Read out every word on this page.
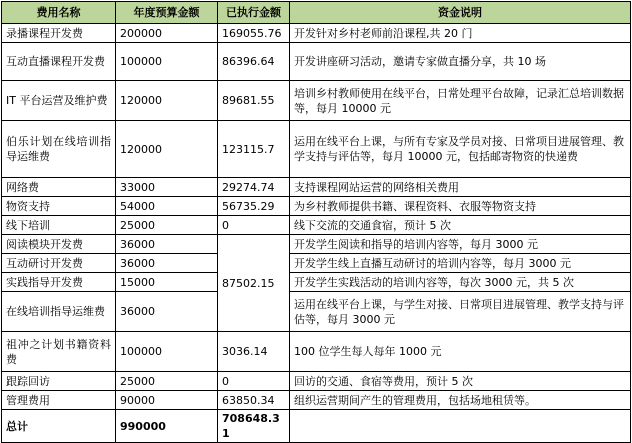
费用名称	年度预算金额	已执行金额	资金说明
录播课程开发费	200000	169055.76	开发针对乡村老师前沿课程,共 20 门
互动直播课程开发费	100000	86396.64	开发讲座研习活动，邀请专家做直播分享，共 10 场
IT 平台运营及维护费	120000	89681.55	培训乡村教师使用在线平台，日常处理平台故障，记录汇总培训数据等，每月 10000 元
伯乐计划在线培训指导运维费	120000	123115.7	运用在线平台上课，与所有专家及学员对接、日常项目进展管理、教学支持与评估等，每月 10000 元，包括邮寄物资的快递费
网络费	33000	29274.74	支持课程网站运营的网络相关费用
物资支持	54000	56735.29	为乡村教师提供书籍、课程资料、衣服等物资支持
线下培训	25000	0	线下交流的交通食宿，预计 5 次
阅读模块开发费	36000	87502.15	开发学生阅读和指导的培训内容等，每月 3000 元
互动研讨开发费	36000		开发学生线上直播互动研讨的培训内容等，每月 3000 元
实践指导开发费	15000		开发学生实践活动的培训内容等，每次 3000 元，共 5 次
在线培训指导运维费	36000		运用在线平台上课，与学生对接、日常项目进展管理、教学支持与评估等，每月 3000 元
祖冲之计划书籍资料费	100000	3036.14	100 位学生每人每年 1000 元
跟踪回访	25000	0	回访的交通、食宿等费用，预计 5 次
管理费用	90000	63850.34	组织运营期间产生的管理费用，包括场地租赁等。
总计	990000	708648.31	
